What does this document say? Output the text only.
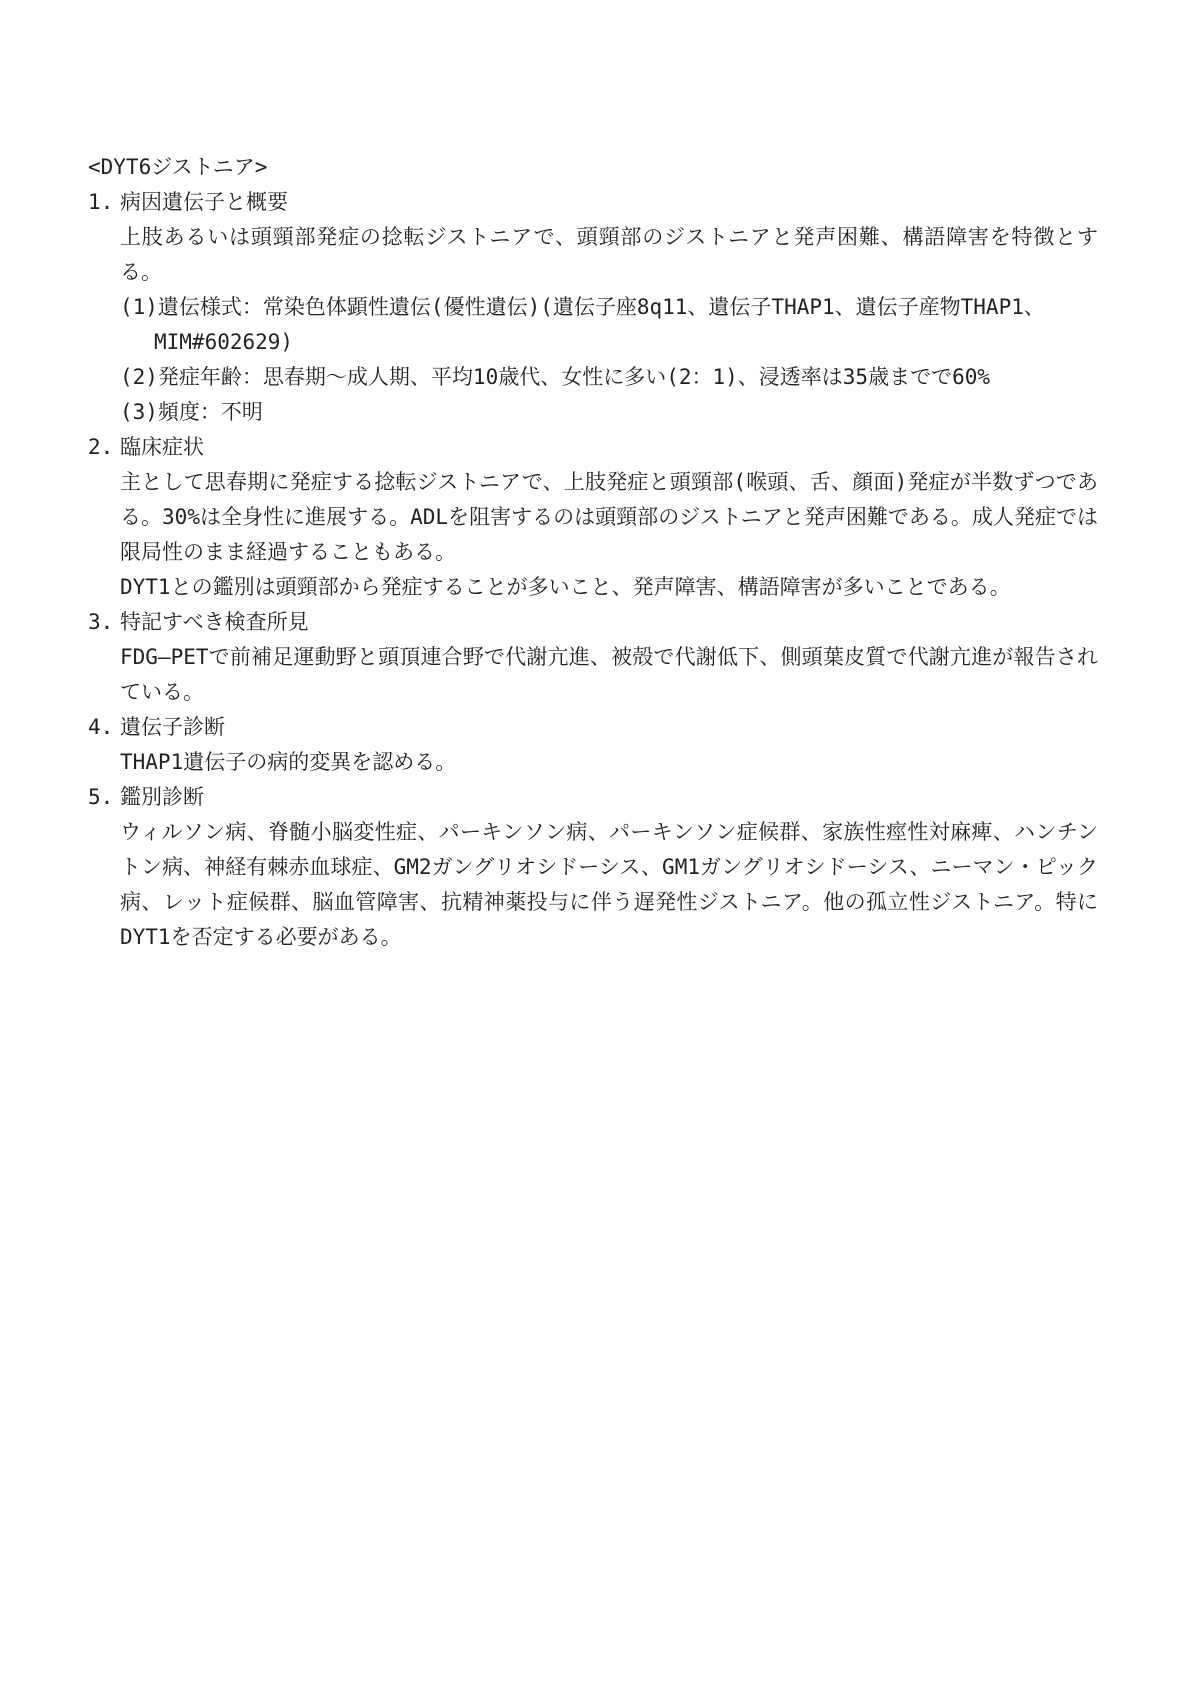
<DYT6ジストニア>
1. 病因遺伝子と概要

上肢あるいは頭頸部発症の捻転ジストニアで、頭頸部のジストニアと発声困難、構語障害を特徴とする。

(1)遺伝様式：常染色体顕性遺伝(優性遺伝)(遺伝子座8q11、遺伝子THAP1、遺伝子産物THAP1、MIM#602629)

(2)発症年齢：思春期～成人期、平均10歳代、女性に多い(2：1)、浸透率は35歳までで60%

(3)頻度：不明

2. 臨床症状

主として思春期に発症する捻転ジストニアで、上肢発症と頭頸部(喉頭、舌、顔面)発症が半数ずつである。30%は全身性に進展する。ADLを阻害するのは頭頸部のジストニアと発声困難である。成人発症では限局性のまま経過することもある。

DYT1との鑑別は頭頸部から発症することが多いこと、発声障害、構語障害が多いことである。

3. 特記すべき検査所見

FDG―PETで前補足運動野と頭頂連合野で代謝亢進、被殻で代謝低下、側頭葉皮質で代謝亢進が報告されている。

4. 遺伝子診断

THAP1遺伝子の病的変異を認める。

5. 鑑別診断

ウィルソン病、脊髄小脳変性症、パーキンソン病、パーキンソン症候群、家族性痙性対麻痺、ハンチントン病、神経有棘赤血球症、GM2ガングリオシドーシス、GM1ガングリオシドーシス、ニーマン・ピック病、レット症候群、脳血管障害、抗精神薬投与に伴う遅発性ジストニア。他の孤立性ジストニア。特にDYT1を否定する必要がある。
